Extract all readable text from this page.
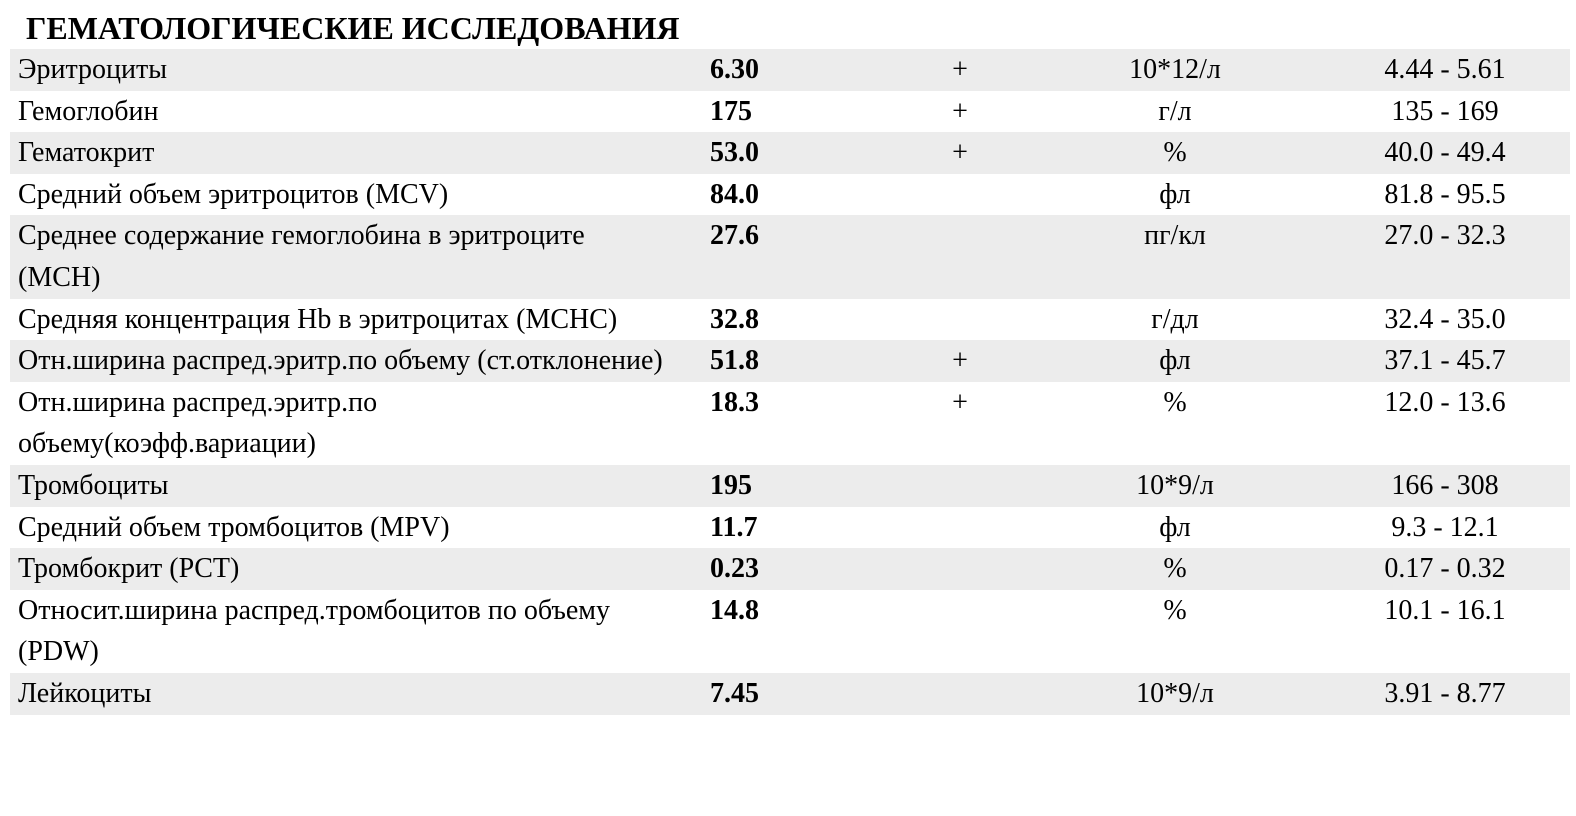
ГЕМАТОЛОГИЧЕСКИЕ ИССЛЕДОВАНИЯ
Эритроциты	6.30	+	10*12/л	4.44 - 5.61
Гемоглобин	175	+	г/л	135 - 169
Гематокрит	53.0	+	%	40.0 - 49.4
Средний объем эритроцитов (MCV)	84.0		фл	81.8 - 95.5
Среднее содержание гемоглобина в эритроците (MCH)	27.6		пг/кл	27.0 - 32.3
Средняя концентрация Hb в эритроцитах (MCHC)	32.8		г/дл	32.4 - 35.0
Отн.ширина распред.эритр.по объему (ст.отклонение)	51.8	+	фл	37.1 - 45.7
Отн.ширина распред.эритр.по объему(коэфф.вариации)	18.3	+	%	12.0 - 13.6
Тромбоциты	195		10*9/л	166 - 308
Средний объем тромбоцитов (MPV)	11.7		фл	9.3 - 12.1
Тромбокрит (PCT)	0.23		%	0.17 - 0.32
Относит.ширина распред.тромбоцитов по объему (PDW)	14.8		%	10.1 - 16.1
Лейкоциты	7.45		10*9/л	3.91 - 8.77
